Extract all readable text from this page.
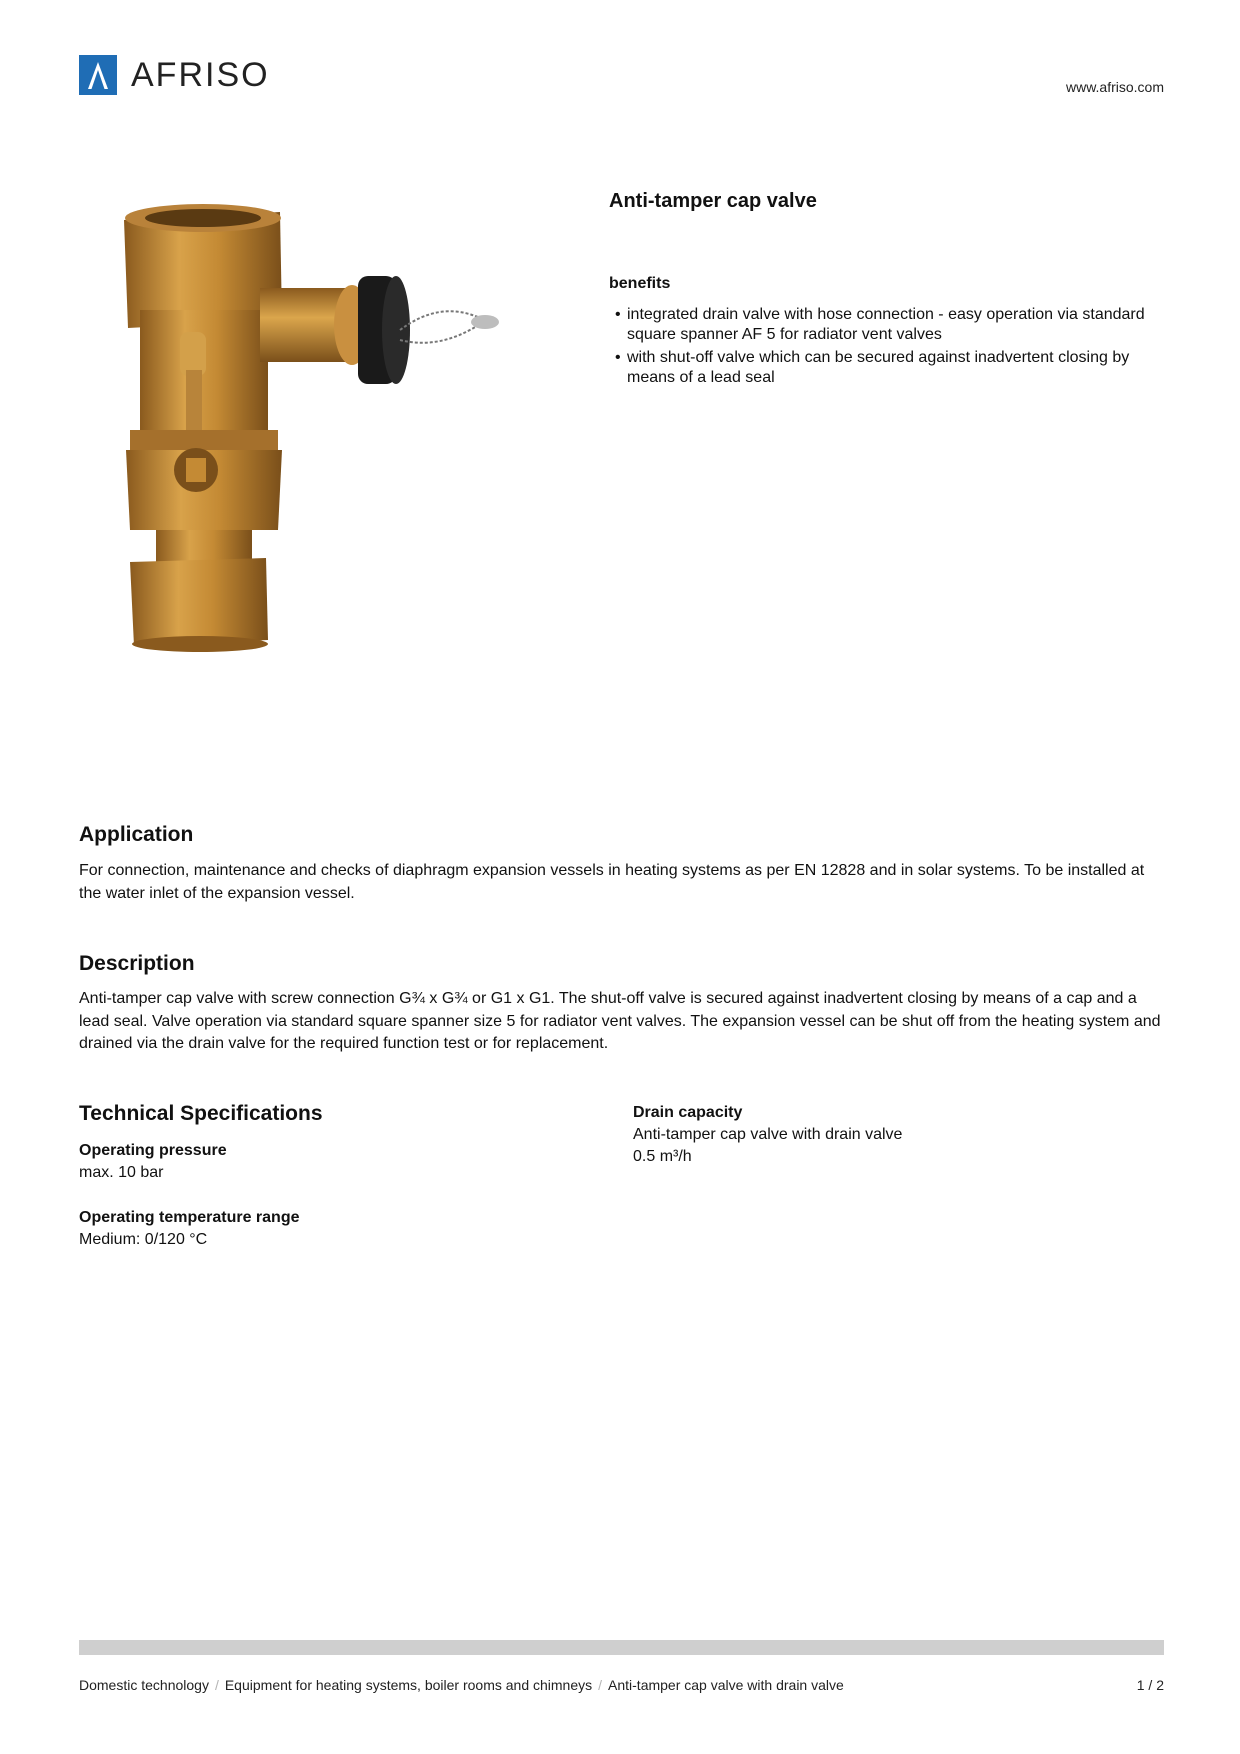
AFRISO	www.afriso.com
Anti-tamper cap valve
benefits
• integrated drain valve with hose connection - easy operation via standard square spanner AF 5 for radiator vent valves
• with shut-off valve which can be secured against inadvertent closing by means of a lead seal
Application

For connection, maintenance and checks of diaphragm expansion vessels in heating systems as per EN 12828 and in solar systems. To be installed at the water inlet of the expansion vessel.

Description

Anti-tamper cap valve with screw connection G¾ x G¾ or G1 x G1. The shut-off valve is secured against inadvertent closing by means of a cap and a lead seal. Valve operation via standard square spanner size 5 for radiator vent valves. The expansion vessel can be shut off from the heating system and drained via the drain valve for the required function test or for replacement.

Technical Specifications
Operating pressure
max. 10 bar
Operating temperature range
Medium: 0/120 °C
Drain capacity
Anti-tamper cap valve with drain valve
0.5 m³/h
Domestic technology / Equipment for heating systems, boiler rooms and chimneys / Anti-tamper cap valve with drain valve	1 / 2
